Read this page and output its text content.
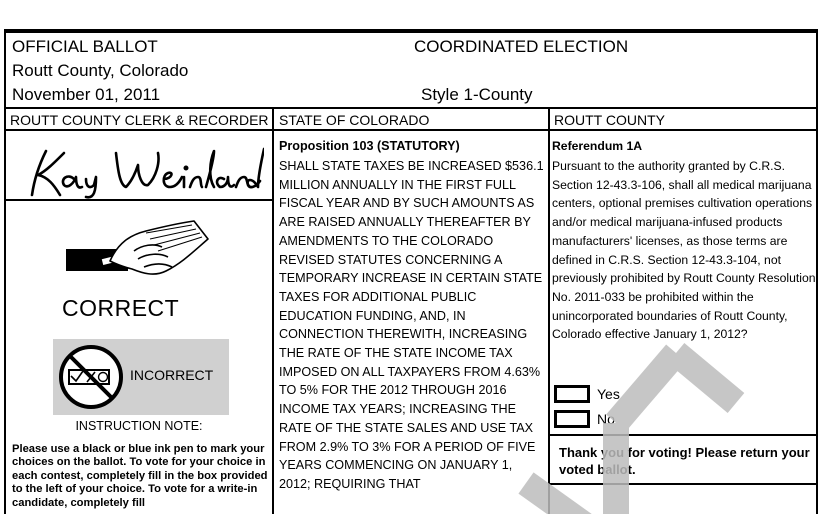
OFFICIAL BALLOT
Routt County, Colorado
November 01, 2011
COORDINATED ELECTION
Style 1-County
ROUTT COUNTY CLERK & RECORDER STATE OF COLORADO	ROUTT COUNTY
CORRECT
INCORRECT
INSTRUCTION NOTE:
Please use a black or blue ink pen to mark your choices on the ballot. To vote for your choice in each contest, completely fill in the box provided to the left of your choice. To vote for a write-in candidate, completely fill
Proposition 103 (STATUTORY)
SHALL STATE TAXES BE INCREASED $536.1 MILLION ANNUALLY IN THE FIRST FULL FISCAL YEAR AND BY SUCH AMOUNTS AS ARE RAISED ANNUALLY THEREAFTER BY AMENDMENTS TO THE COLORADO REVISED STATUTES CONCERNING A TEMPORARY INCREASE IN CERTAIN STATE TAXES FOR ADDITIONAL PUBLIC EDUCATION FUNDING, AND, IN CONNECTION THEREWITH, INCREASING THE RATE OF THE STATE INCOME TAX IMPOSED ON ALL TAXPAYERS FROM 4.63% TO 5% FOR THE 2012 THROUGH 2016 INCOME TAX YEARS; INCREASING THE RATE OF THE STATE SALES AND USE TAX FROM 2.9% TO 3% FOR A PERIOD OF FIVE YEARS COMMENCING ON JANUARY 1, 2012; REQUIRING THAT
Referendum 1A
Pursuant to the authority granted by C.R.S. Section 12-43.3-106, shall all medical marijuana centers, optional premises cultivation operations and/or medical marijuana-infused products manufacturers' licenses, as those terms are defined in C.R.S. Section 12-43.3-104, not previously prohibited by Routt County Resolution No. 2011-033 be prohibited within the unincorporated boundaries of Routt County, Colorado effective January 1, 2012?
Yes
No
Thank you for voting! Please return your voted ballot.
